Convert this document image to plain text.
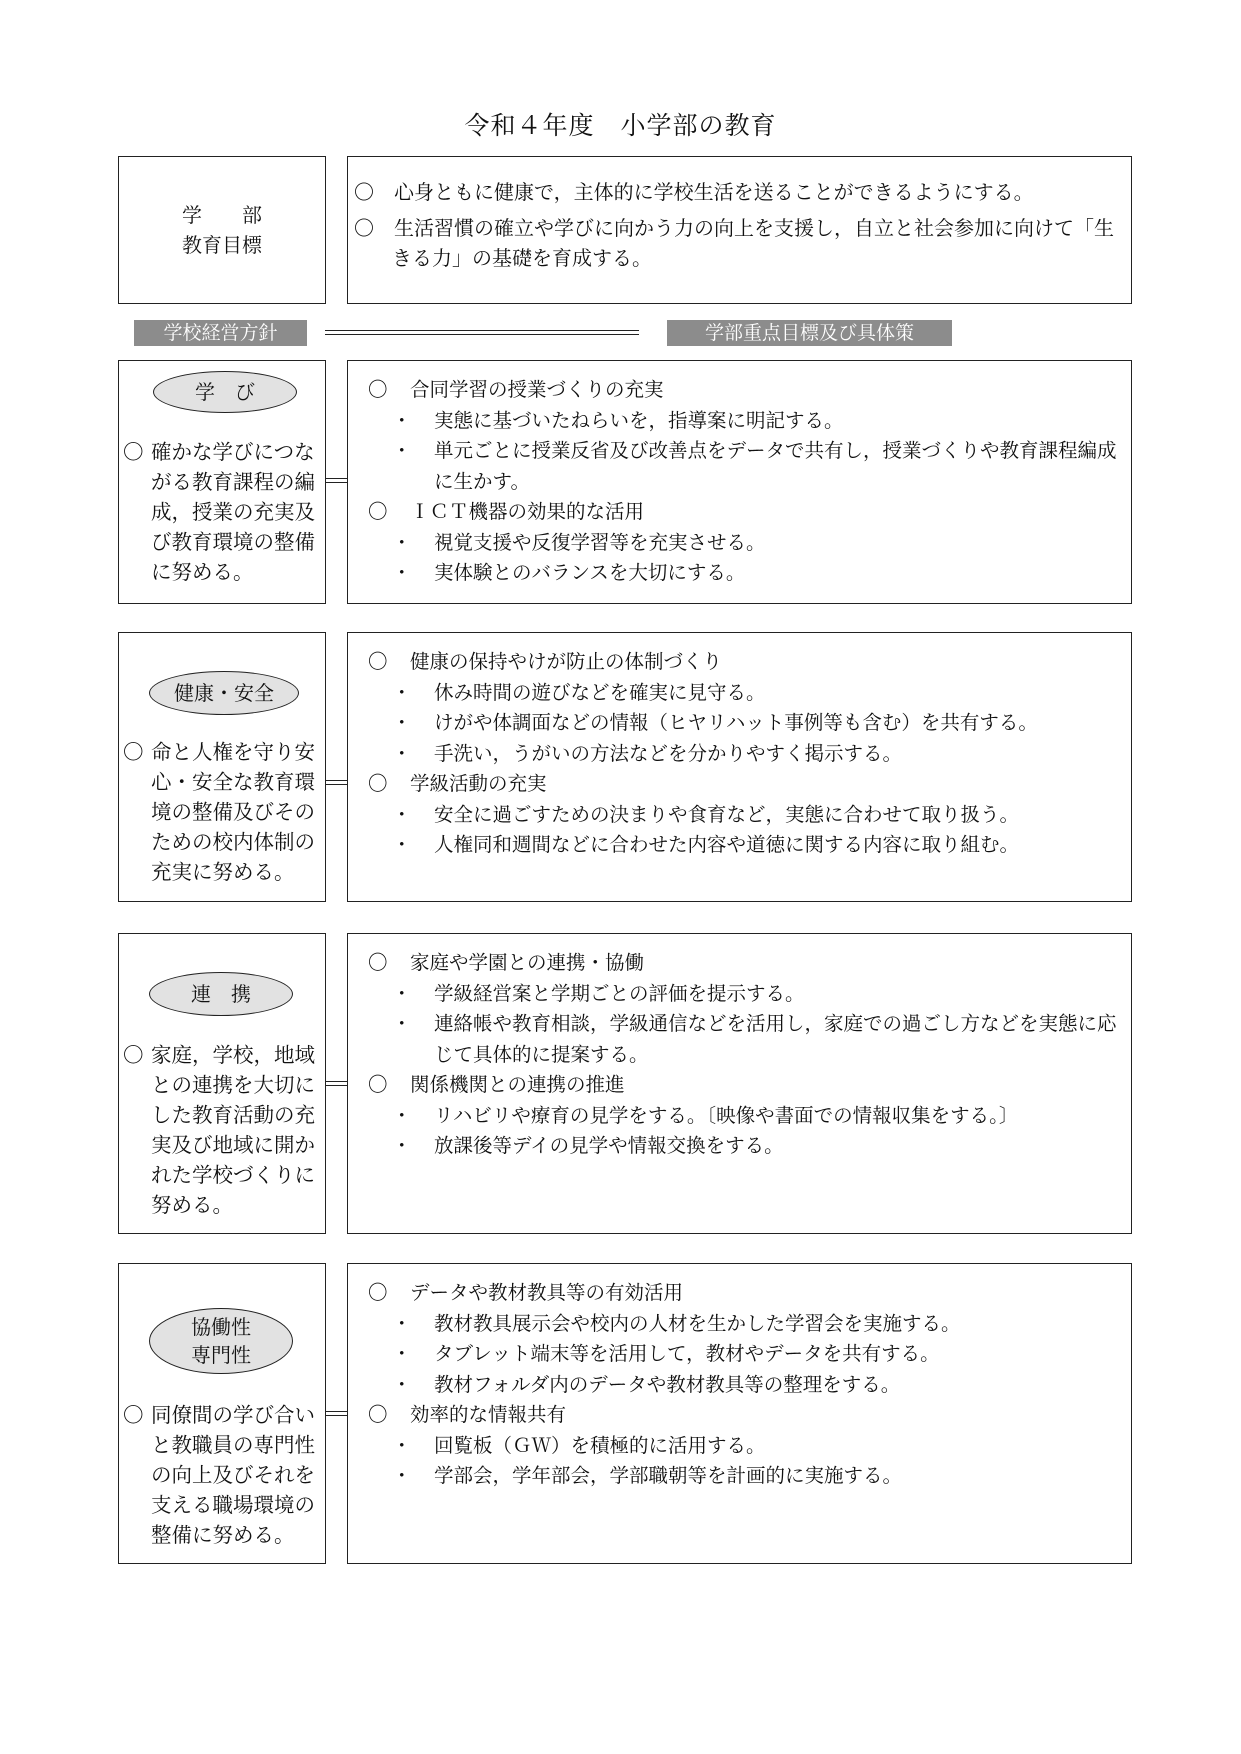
令和４年度　小学部の教育
学　　部
教育目標

〇　心身ともに健康で，主体的に学校生活を送ることができるようにする。

〇　生活習慣の確立や学びに向かう力の向上を支援し，自立と社会参加に向けて「生きる力」の基礎を育成する。

学校経営方針	学部重点目標及び具体策
学　び
〇 確かな学びにつながる教育課程の編成，授業の充実及び教育環境の整備に努める。
〇 合同学習の授業づくりの充実
・ 実態に基づいたねらいを，指導案に明記する。
・ 単元ごとに授業反省及び改善点をデータで共有し，授業づくりや教育課程編成に生かす。
〇 ＩＣＴ機器の効果的な活用
・ 視覚支援や反復学習等を充実させる。
・ 実体験とのバランスを大切にする。
健康・安全
〇 命と人権を守り安心・安全な教育環境の整備及びそのための校内体制の充実に努める。
〇 健康の保持やけが防止の体制づくり
・ 休み時間の遊びなどを確実に見守る。
・ けがや体調面などの情報（ヒヤリハット事例等も含む）を共有する。
・ 手洗い，うがいの方法などを分かりやすく掲示する。
〇 学級活動の充実
・ 安全に過ごすための決まりや食育など，実態に合わせて取り扱う。
・ 人権同和週間などに合わせた内容や道徳に関する内容に取り組む。
連　携
〇 家庭，学校，地域との連携を大切にした教育活動の充実及び地域に開かれた学校づくりに努める。
〇 家庭や学園との連携・協働
・ 学級経営案と学期ごとの評価を提示する。
・ 連絡帳や教育相談，学級通信などを活用し，家庭での過ごし方などを実態に応じて具体的に提案する。
〇 関係機関との連携の推進
・ リハビリや療育の見学をする。〔映像や書面での情報収集をする。〕
・ 放課後等デイの見学や情報交換をする。
協働性
専門性
〇 同僚間の学び合いと教職員の専門性の向上及びそれを支える職場環境の整備に努める。
〇 データや教材教具等の有効活用
・ 教材教具展示会や校内の人材を生かした学習会を実施する。
・ タブレット端末等を活用して，教材やデータを共有する。
・ 教材フォルダ内のデータや教材教具等の整理をする。
〇 効率的な情報共有
・ 回覧板（ＧＷ）を積極的に活用する。
・ 学部会，学年部会，学部職朝等を計画的に実施する。
